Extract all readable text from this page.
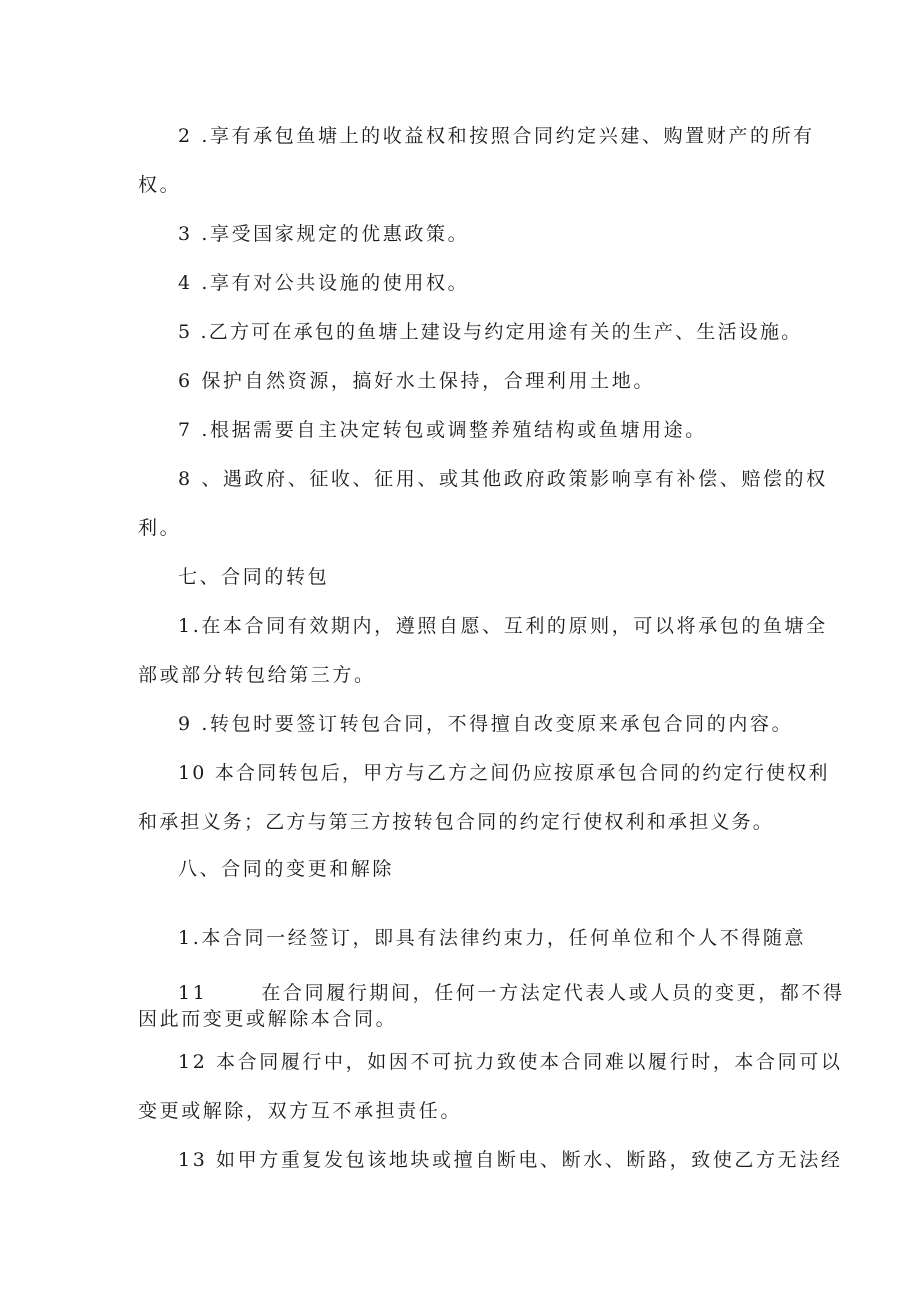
2 .享有承包鱼塘上的收益权和按照合同约定兴建、购置财产的所有
权。
3 .享受国家规定的优惠政策。
4 .享有对公共设施的使用权。
5 .乙方可在承包的鱼塘上建设与约定用途有关的生产、生活设施。
6 保护自然资源，搞好水土保持，合理利用土地。
7 .根据需要自主决定转包或调整养殖结构或鱼塘用途。
8 、遇政府、征收、征用、或其他政府政策影响享有补偿、赔偿的权
利。
七、合同的转包
1.在本合同有效期内，遵照自愿、互利的原则，可以将承包的鱼塘全
部或部分转包给第三方。
9 .转包时要签订转包合同，不得擅自改变原来承包合同的内容。
10 本合同转包后，甲方与乙方之间仍应按原承包合同的约定行使权利
和承担义务；乙方与第三方按转包合同的约定行使权利和承担义务。
八、合同的变更和解除
1.本合同一经签订，即具有法律约束力，任何单位和个人不得随意
11	在合同履行期间，任何一方法定代表人或人员的变更，都不得
因此而变更或解除本合同。
12 本合同履行中，如因不可抗力致使本合同难以履行时，本合同可以
变更或解除，双方互不承担责任。
13 如甲方重复发包该地块或擅自断电、断水、断路，致使乙方无法经
